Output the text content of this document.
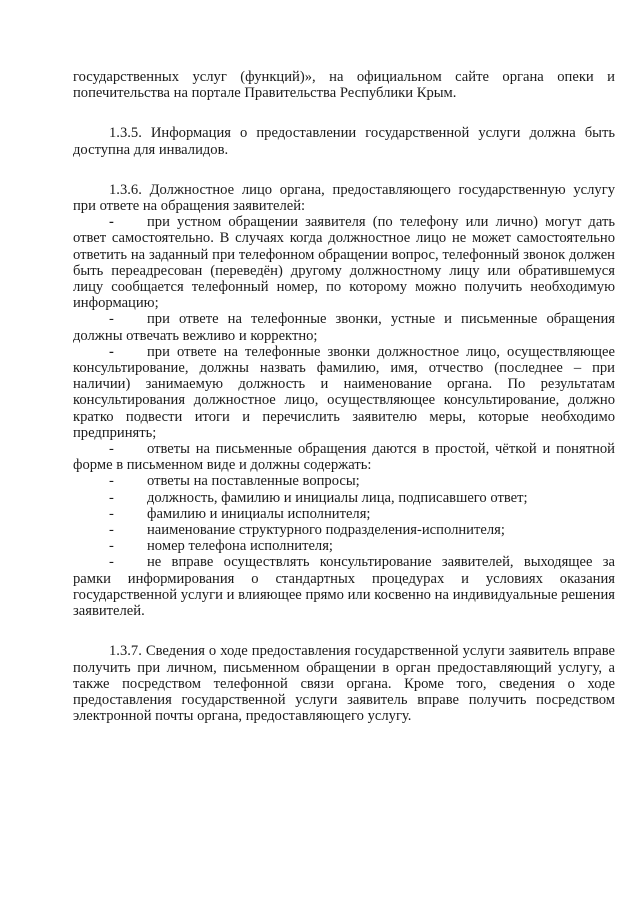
государственных услуг (функций)», на официальном сайте органа опеки и попечительства на портале Правительства Республики Крым.

1.3.5. Информация о предоставлении государственной услуги должна быть доступна для инвалидов.

1.3.6. Должностное лицо органа, предоставляющего государственную услугу при ответе на обращения заявителей:

- при устном обращении заявителя (по телефону или лично) могут дать ответ самостоятельно. В случаях когда должностное лицо не может самостоятельно ответить на заданный при телефонном обращении вопрос, телефонный звонок должен быть переадресован (переведён) другому должностному лицу или обратившемуся лицу сообщается телефонный номер, по которому можно получить необходимую информацию;

- при ответе на телефонные звонки, устные и письменные обращения должны отвечать вежливо и корректно;

- при ответе на телефонные звонки должностное лицо, осуществляющее консультирование, должны назвать фамилию, имя, отчество (последнее – при наличии) занимаемую должность и наименование органа. По результатам консультирования должностное лицо, осуществляющее консультирование, должно кратко подвести итоги и перечислить заявителю меры, которые необходимо предпринять;

- ответы на письменные обращения даются в простой, чёткой и понятной форме в письменном виде и должны содержать:

- ответы на поставленные вопросы;

- должность, фамилию и инициалы лица, подписавшего ответ;

- фамилию и инициалы исполнителя;

- наименование структурного подразделения-исполнителя;

- номер телефона исполнителя;

- не вправе осуществлять консультирование заявителей, выходящее за рамки информирования о стандартных процедурах и условиях оказания государственной услуги и влияющее прямо или косвенно на индивидуальные решения заявителей.

1.3.7. Сведения о ходе предоставления государственной услуги заявитель вправе получить при личном, письменном обращении в орган предоставляющий услугу, а также посредством телефонной связи органа. Кроме того, сведения о ходе предоставления государственной услуги заявитель вправе получить посредством электронной почты органа, предоставляющего услугу.
